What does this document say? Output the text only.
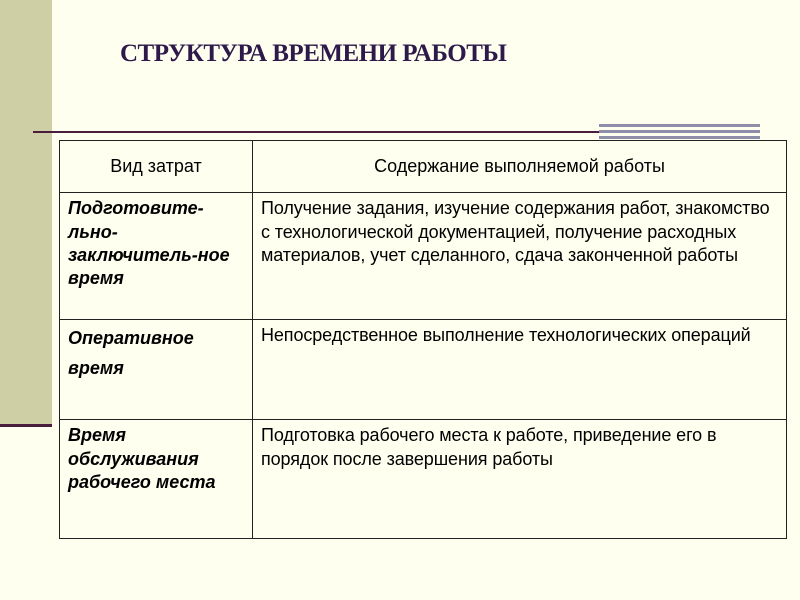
СТРУКТУРА ВРЕМЕНИ РАБОТЫ
Вид затрат	Содержание выполняемой работы
Подготовите-льно-заключитель-ное время	Получение задания, изучение содержания работ, знакомство с технологической документацией, получение расходных материалов, учет сделанного, сдача законченной работы
Оперативное время	Непосредственное выполнение технологических операций
Время обслуживания рабочего места	Подготовка рабочего места к работе, приведение его в порядок после завершения работы
